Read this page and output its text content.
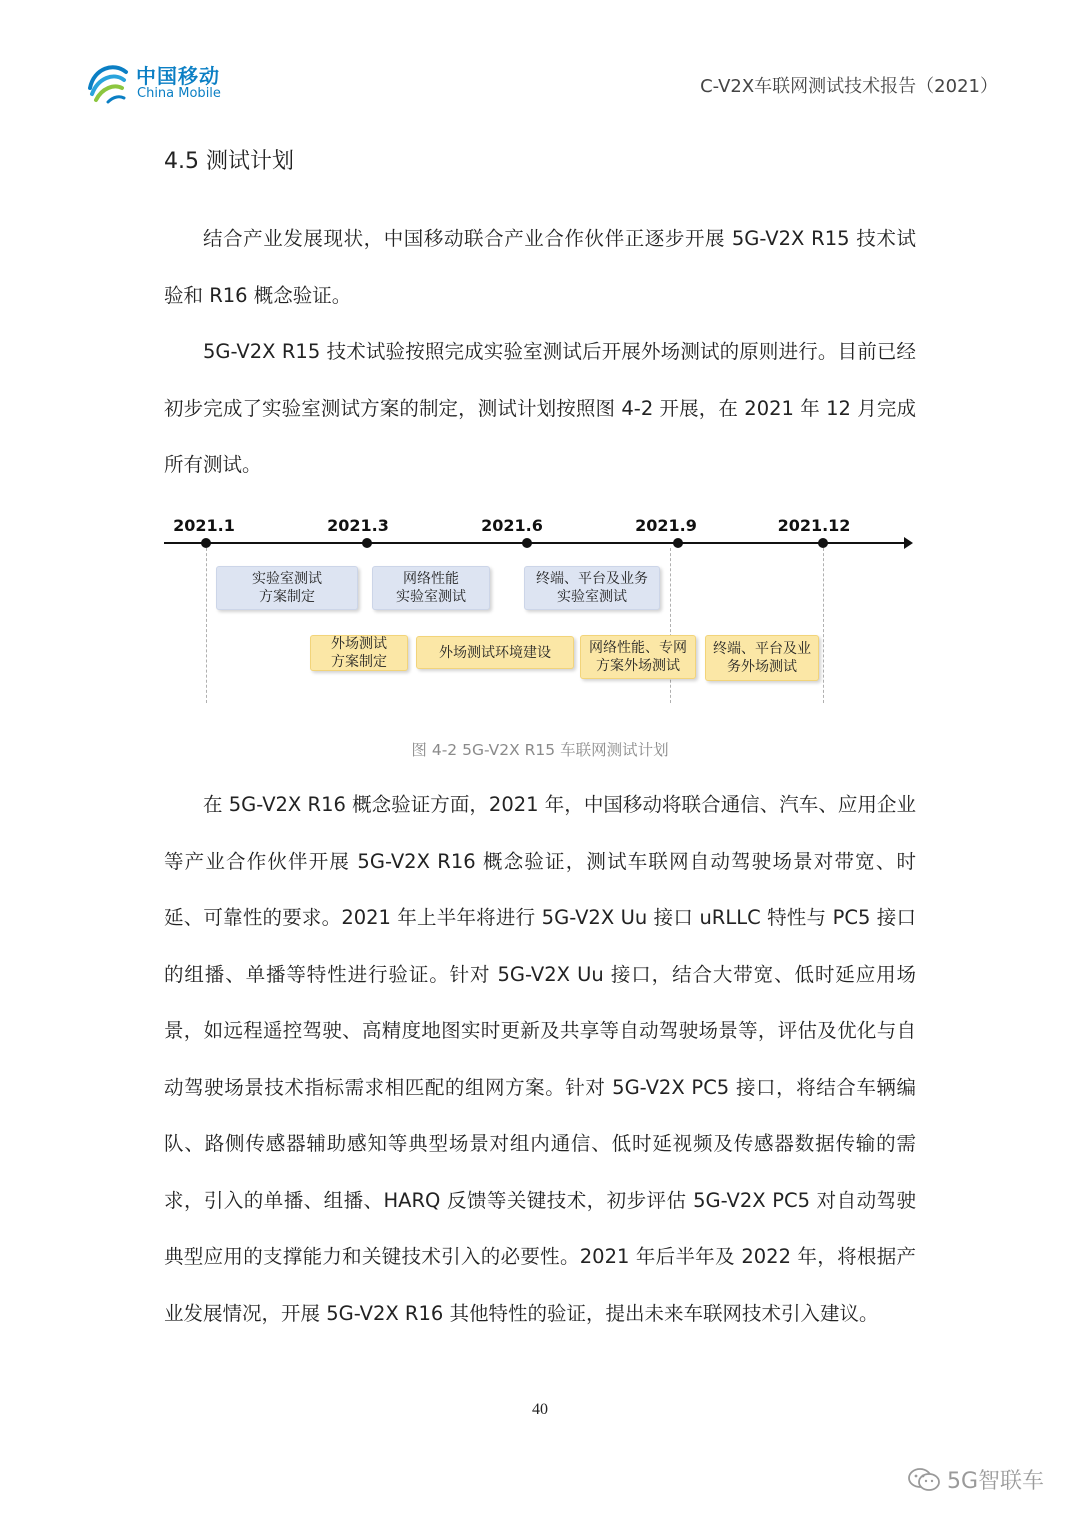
中国移动
China Mobile	C-V2X车联网测试技术报告（2021）
4.5 测试计划

结合产业发展现状，中国移动联合产业合作伙伴正逐步开展 5G-V2X R15 技术试验和 R16 概念验证。

5G-V2X R15 技术试验按照完成实验室测试后开展外场测试的原则进行。目前已经初步完成了实验室测试方案的制定，测试计划按照图 4-2 开展，在 2021 年 12 月完成所有测试。

2021.1	2021.3	2021.6	2021.9	2021.12
实验室测试
方案制定
网络性能
实验室测试
终端、平台及业务
实验室测试
外场测试
方案制定
外场测试环境建设	网络性能、专网
方案外场测试
终端、平台及业
务外场测试
图 4-2 5G-V2X R15 车联网测试计划

在 5G-V2X R16 概念验证方面，2021 年，中国移动将联合通信、汽车、应用企业等产业合作伙伴开展 5G-V2X R16 概念验证，测试车联网自动驾驶场景对带宽、时延、可靠性的要求。2021 年上半年将进行 5G-V2X Uu 接口 uRLLC 特性与 PC5 接口的组播、单播等特性进行验证。针对 5G-V2X Uu 接口，结合大带宽、低时延应用场景，如远程遥控驾驶、高精度地图实时更新及共享等自动驾驶场景等，评估及优化与自动驾驶场景技术指标需求相匹配的组网方案。针对 5G-V2X PC5 接口，将结合车辆编队、路侧传感器辅助感知等典型场景对组内通信、低时延视频及传感器数据传输的需求，引入的单播、组播、HARQ 反馈等关键技术，初步评估 5G-V2X PC5 对自动驾驶典型应用的支撑能力和关键技术引入的必要性。2021 年后半年及 2022 年，将根据产业发展情况，开展 5G-V2X R16 其他特性的验证，提出未来车联网技术引入建议。

40
5G智联车
